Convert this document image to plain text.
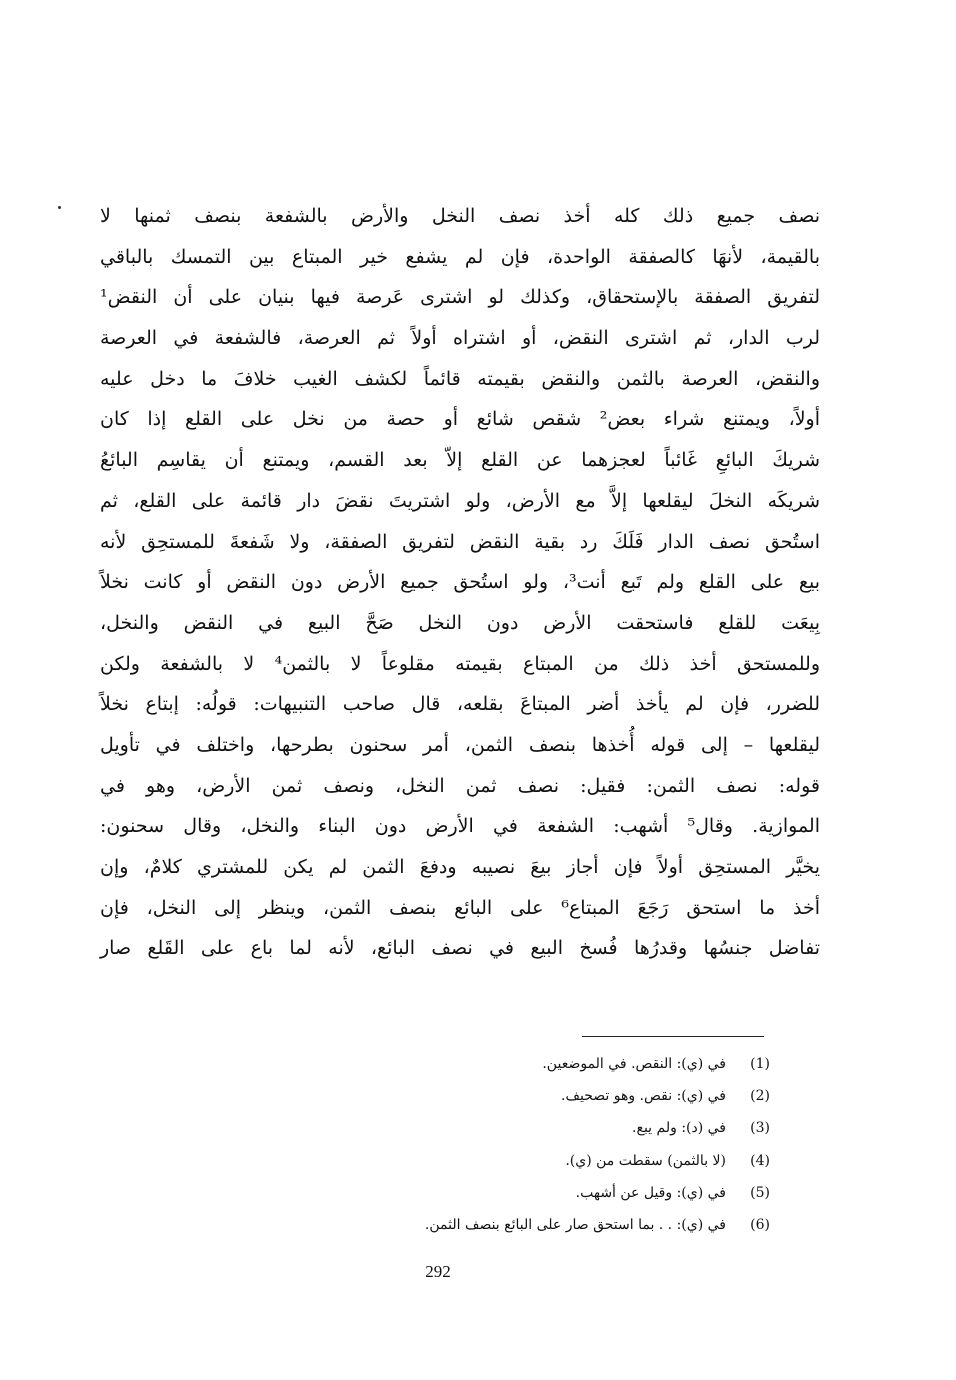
نصف جميع ذلك كله أخذ نصف النخل والأرض بالشفعة بنصف ثمنها لا
بالقيمة، لأنهَا كالصفقة الواحدة، فإن لم يشفع خير المبتاع بين التمسك بالباقي
لتفريق الصفقة بالإستحقاق، وكذلك لو اشترى عَرصة فيها بنيان على أن النقض¹
لرب الدار، ثم اشترى النقض، أو اشتراه أولاً ثم العرصة، فالشفعة في العرصة
والنقض، العرصة بالثمن والنقض بقيمته قائماً لكشف الغيب خلافَ ما دخل عليه
أولاً، ويمتنع شراء بعض² شقص شائع أو حصة من نخل على القلع إذا كان
شريكَ البائعِ غَائباً لعجزهما عن القلع إلاّ بعد القسم، ويمتنع أن يقاسِم البائعُ
شريكَه النخلَ ليقلعها إلاَّ مع الأرض، ولو اشتريتَ نقضَ دار قائمة على القلع، ثم
استُحق نصف الدار فَلَكَ رد بقية النقض لتفريق الصفقة، ولا شَفعةَ للمستحِق لأنه
بيع على القلع ولم تَبع أنت³، ولو استُحق جميع الأرض دون النقض أو كانت نخلاً
بِيعَت للقلع فاستحقت الأرض دون النخل صَحَّ البيع في النقض والنخل،
وللمستحق أخذ ذلك من المبتاع بقيمته مقلوعاً لا بالثمن⁴ لا بالشفعة ولكن
للضرر، فإن لم يأخذ أضر المبتاعَ بقلعه، قال صاحب التنبيهات: قولُه: إبتاع نخلاً
ليقلعها – إلى قوله أُخذها بنصف الثمن، أمر سحنون بطرحها، واختلف في تأويل
قوله: نصف الثمن: فقيل: نصف ثمن النخل، ونصف ثمن الأرض، وهو في
الموازية. وقال⁵ أشهب: الشفعة في الأرض دون البناء والنخل، وقال سحنون:
يخيَّر المستحِق أولاً فإن أجاز بيعَ نصيبه ودفعَ الثمن لم يكن للمشتري كلامٌ، وإن
أخذ ما استحق رَجَعَ المبتاع⁶ على البائع بنصف الثمن، وينظر إلى النخل، فإن
تفاضل جنسُها وقدرُها فُسخ البيع في نصف البائع، لأنه لما باع على القَلع صار
(1)
في (ي): النقص. في الموضعين.
(2)
في (ي): نقص. وهو تصحيف.
(3)
في (د): ولم يبع.
(4)
(لا بالثمن) سقطت من (ي).
(5)
في (ي): وقيل عن أشهب.
(6)
في (ي): . . بما استحق صار على البائع بنصف الثمن.
292
